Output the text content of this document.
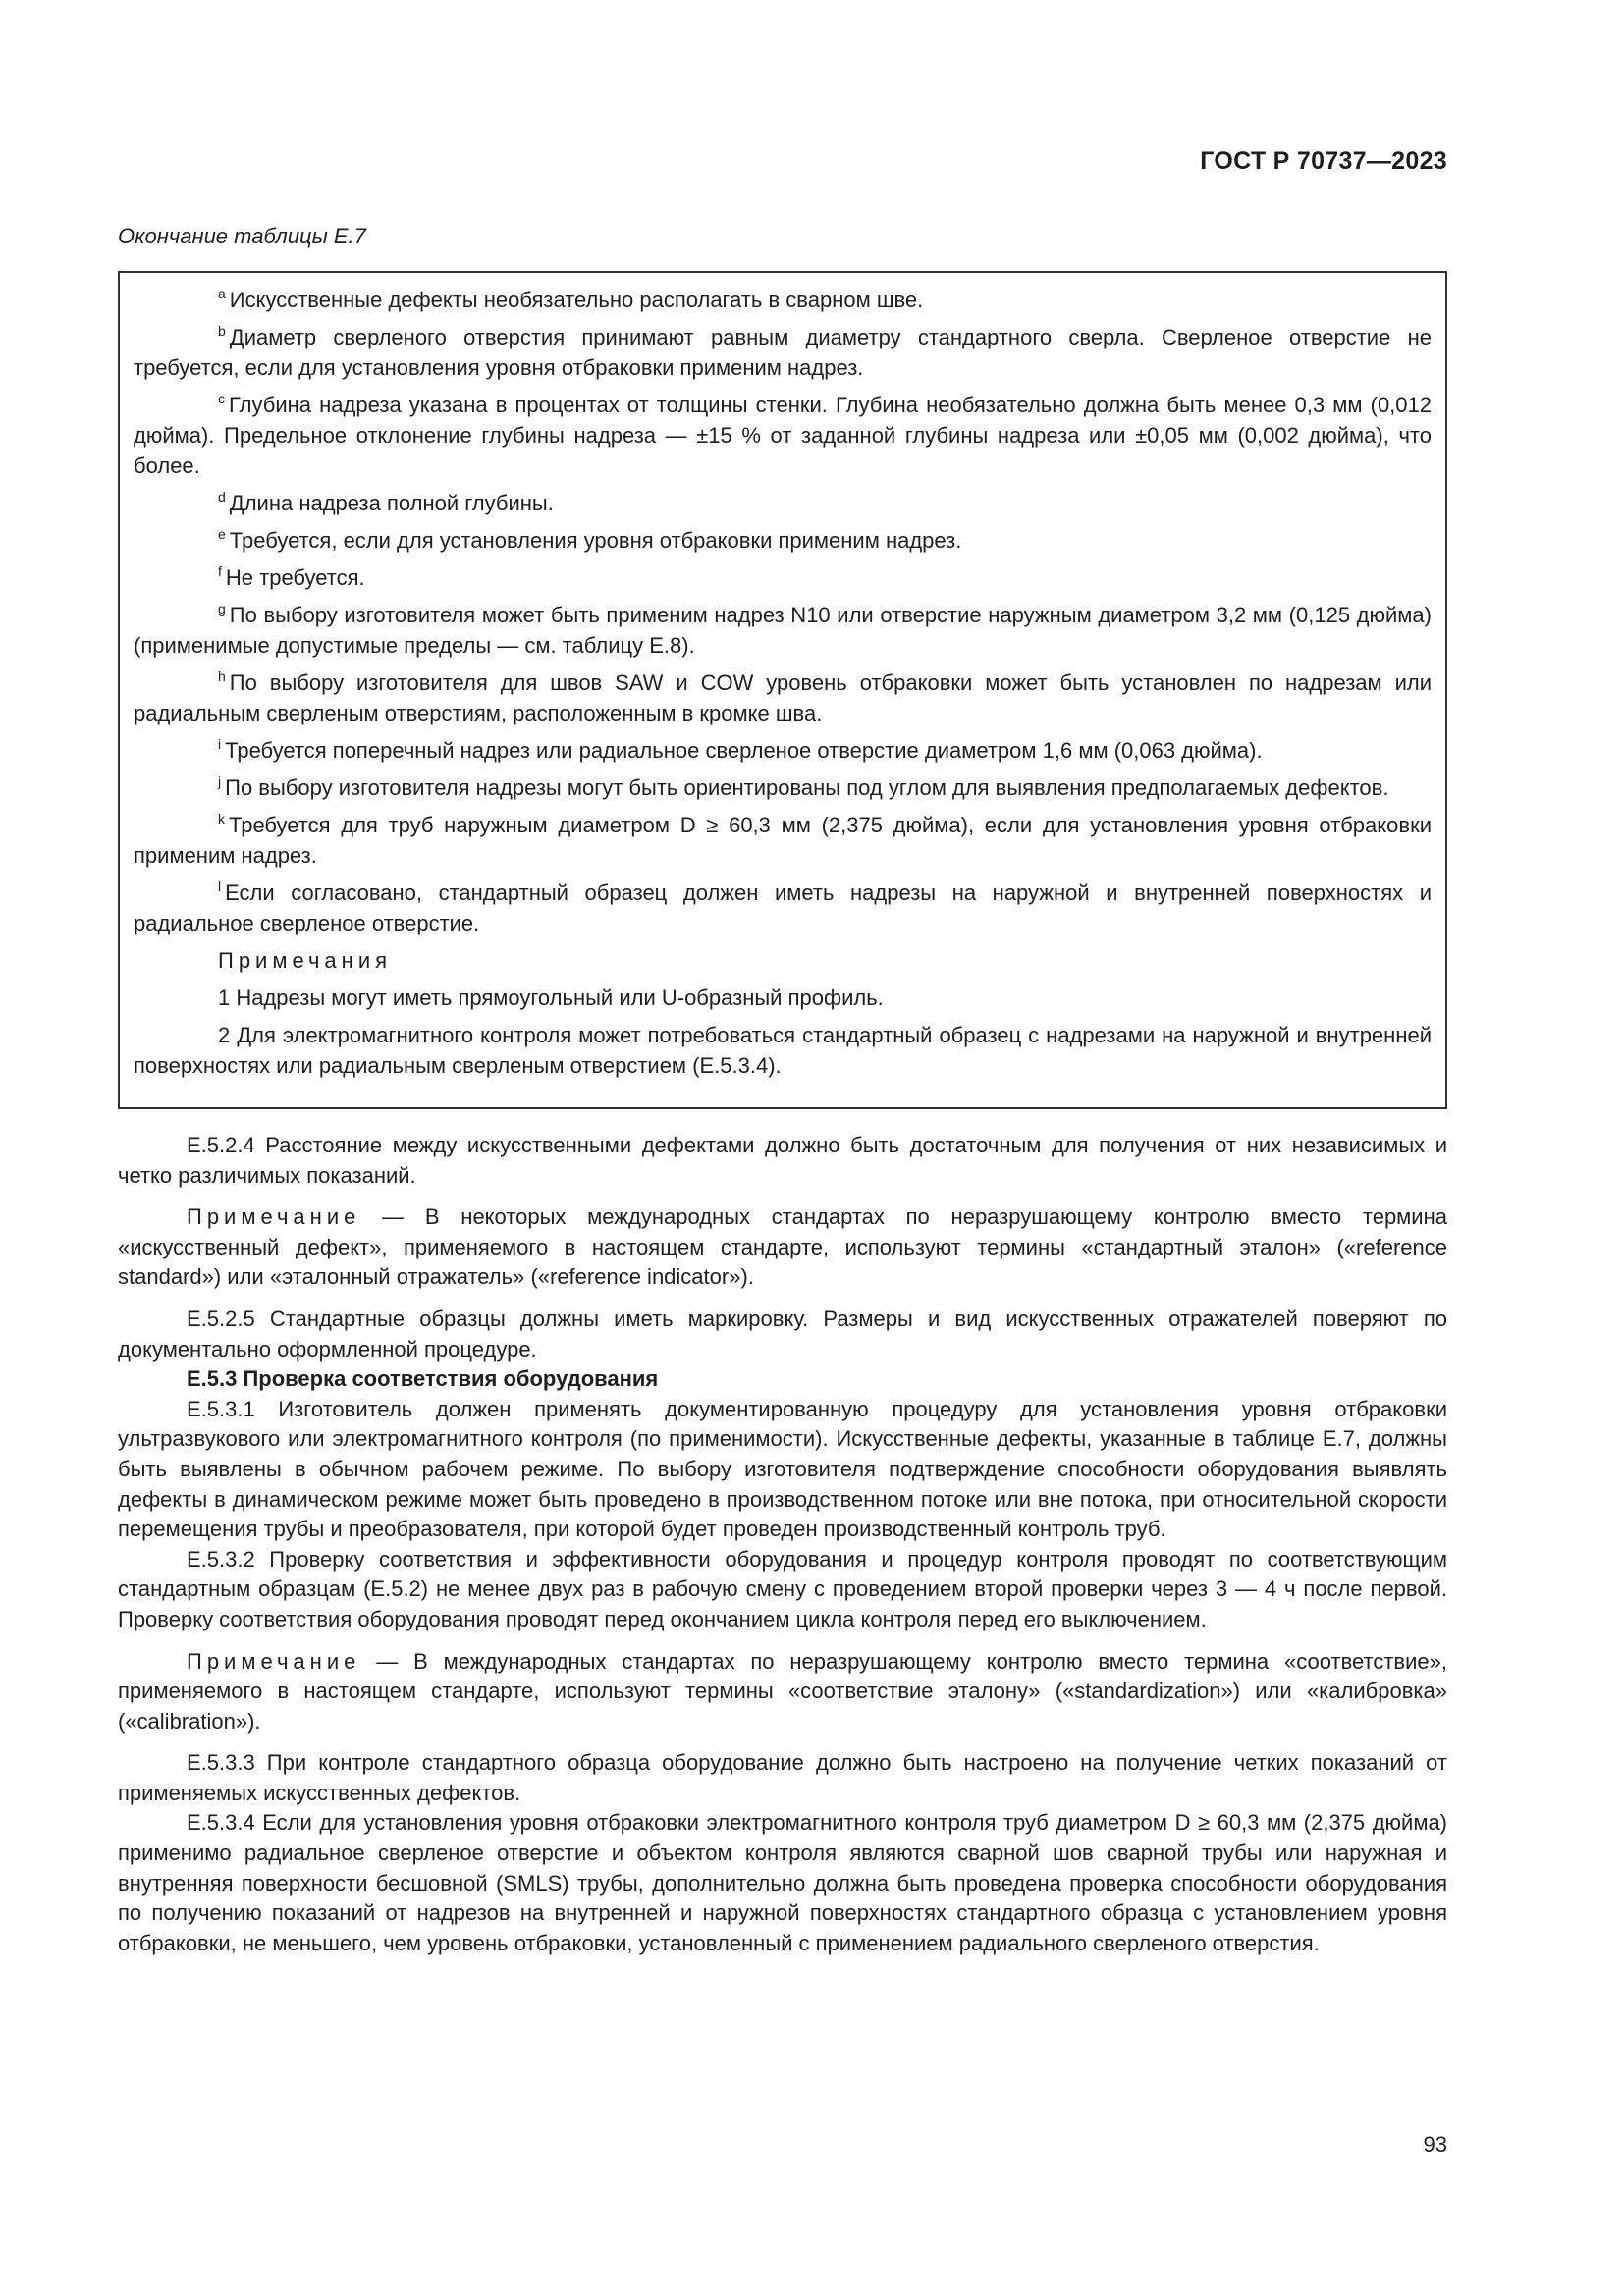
ГОСТ Р 70737—2023
Окончание таблицы Е.7

$^a$ Искусственные дефекты необязательно располагать в сварном шве.

$^b$ Диаметр сверленого отверстия принимают равным диаметру стандартного сверла. Сверленое отверстие не требуется, если для установления уровня отбраковки применим надрез.

$^c$ Глубина надреза указана в процентах от толщины стенки. Глубина необязательно должна быть менее 0,3 мм (0,012 дюйма). Предельное отклонение глубины надреза — ±15 % от заданной глубины надреза или ±0,05 мм (0,002 дюйма), что более.

$^d$ Длина надреза полной глубины.

$^e$ Требуется, если для установления уровня отбраковки применим надрез.

$^f$ Не требуется.

$^g$ По выбору изготовителя может быть применим надрез N10 или отверстие наружным диаметром 3,2 мм (0,125 дюйма) (применимые допустимые пределы — см. таблицу Е.8).

$^h$ По выбору изготовителя для швов SAW и COW уровень отбраковки может быть установлен по надрезам или радиальным сверленым отверстиям, расположенным в кромке шва.

$^i$ Требуется поперечный надрез или радиальное сверленое отверстие диаметром 1,6 мм (0,063 дюйма).

$^j$ По выбору изготовителя надрезы могут быть ориентированы под углом для выявления предполагаемых дефектов.

$^k$ Требуется для труб наружным диаметром D ≥ 60,3 мм (2,375 дюйма), если для установления уровня отбраковки применим надрез.

$^l$ Если согласовано, стандартный образец должен иметь надрезы на наружной и внутренней поверхностях и радиальное сверленое отверстие.

Примечания

1 Надрезы могут иметь прямоугольный или U-образный профиль.

2 Для электромагнитного контроля может потребоваться стандартный образец с надрезами на наружной и внутренней поверхностях или радиальным сверленым отверстием (Е.5.3.4).

Е.5.2.4 Расстояние между искусственными дефектами должно быть достаточным для получения от них независимых и четко различимых показаний.

Примечание — В некоторых международных стандартах по неразрушающему контролю вместо термина «искусственный дефект», применяемого в настоящем стандарте, используют термины «стандартный эталон» («reference standard») или «эталонный отражатель» («reference indicator»).

Е.5.2.5 Стандартные образцы должны иметь маркировку. Размеры и вид искусственных отражателей поверяют по документально оформленной процедуре.

Е.5.3 Проверка соответствия оборудования

Е.5.3.1 Изготовитель должен применять документированную процедуру для установления уровня отбраковки ультразвукового или электромагнитного контроля (по применимости). Искусственные дефекты, указанные в таблице Е.7, должны быть выявлены в обычном рабочем режиме. По выбору изготовителя подтверждение способности оборудования выявлять дефекты в динамическом режиме может быть проведено в производственном потоке или вне потока, при относительной скорости перемещения трубы и преобразователя, при которой будет проведен производственный контроль труб.

Е.5.3.2 Проверку соответствия и эффективности оборудования и процедур контроля проводят по соответствующим стандартным образцам (Е.5.2) не менее двух раз в рабочую смену с проведением второй проверки через 3 — 4 ч после первой. Проверку соответствия оборудования проводят перед окончанием цикла контроля перед его выключением.

Примечание — В международных стандартах по неразрушающему контролю вместо термина «соответствие», применяемого в настоящем стандарте, используют термины «соответствие эталону» («standardization») или «калибровка» («calibration»).

Е.5.3.3 При контроле стандартного образца оборудование должно быть настроено на получение четких показаний от применяемых искусственных дефектов.

Е.5.3.4 Если для установления уровня отбраковки электромагнитного контроля труб диаметром D ≥ 60,3 мм (2,375 дюйма) применимо радиальное сверленое отверстие и объектом контроля являются сварной шов сварной трубы или наружная и внутренняя поверхности бесшовной (SMLS) трубы, дополнительно должна быть проведена проверка способности оборудования по получению показаний от надрезов на внутренней и наружной поверхностях стандартного образца с установлением уровня отбраковки, не меньшего, чем уровень отбраковки, установленный с применением радиального сверленого отверстия.

93
